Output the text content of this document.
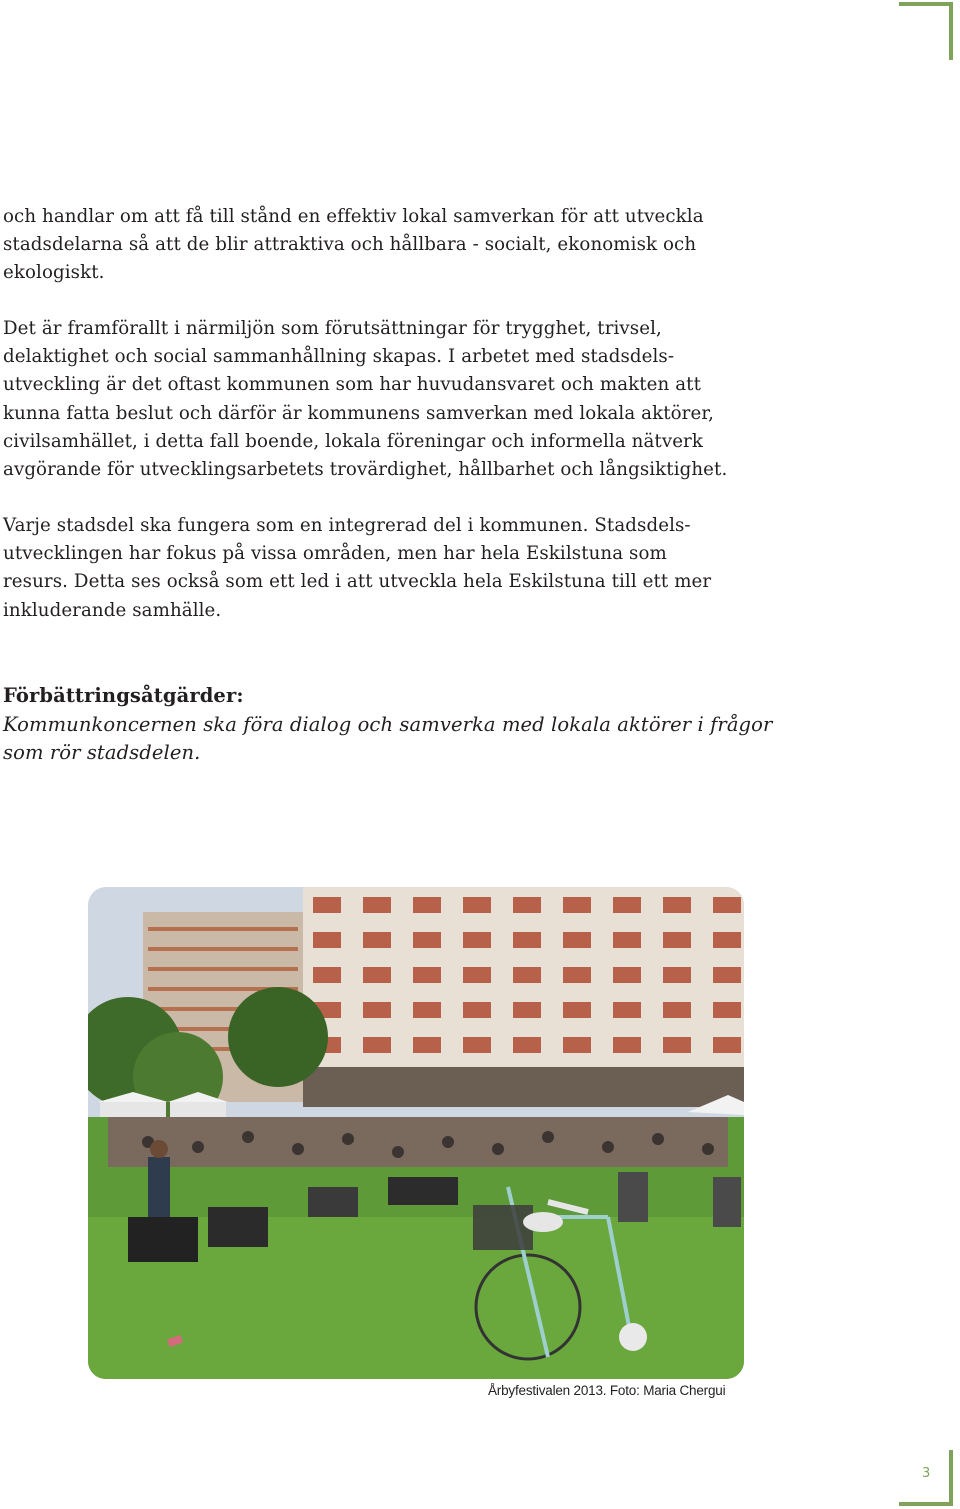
och handlar om att få till stånd en effektiv lokal samverkan för att utveckla
stadsdelarna så att de blir attraktiva och hållbara - socialt, ekonomisk och
ekologiskt.
Det är framförallt i närmiljön som förutsättningar för trygghet, trivsel,
delaktighet och social sammanhållning skapas. I arbetet med stadsdels-
utveckling är det oftast kommunen som har huvudansvaret och makten att
kunna fatta beslut och därför är kommunens samverkan med lokala aktörer,
civilsamhället, i detta fall boende, lokala föreningar och informella nätverk
avgörande för utvecklingsarbetets trovärdighet, hållbarhet och långsiktighet.
Varje stadsdel ska fungera som en integrerad del i kommunen. Stadsdels-
utvecklingen har fokus på vissa områden, men har hela Eskilstuna som
resurs. Detta ses också som ett led i att utveckla hela Eskilstuna till ett mer
inkluderande samhälle.
Förbättringsåtgärder:
Kommunkoncernen ska föra dialog och samverka med lokala aktörer i frågor
som rör stadsdelen.
Årbyfestivalen 2013. Foto: Maria Chergui
3
